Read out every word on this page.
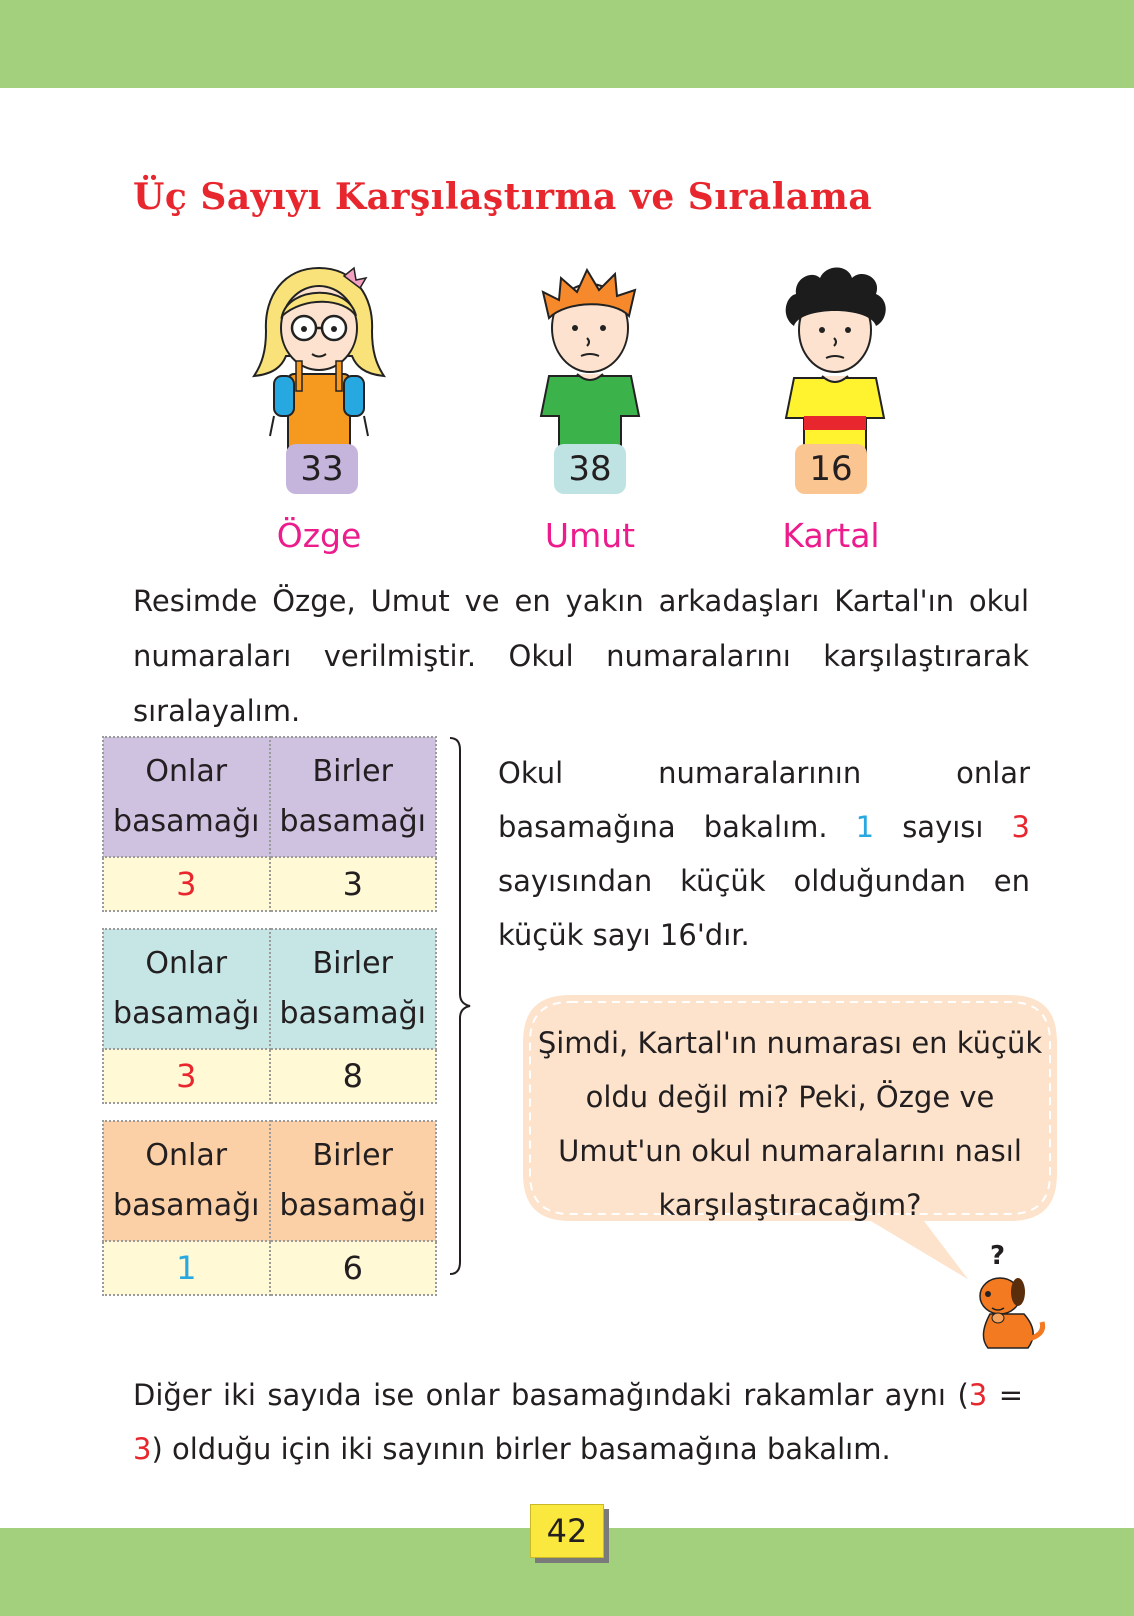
Üç Sayıyı Karşılaştırma ve Sıralama
33
Özge
38
Umut
16
Kartal

Resimde Özge, Umut ve en yakın arkadaşları Kartal'ın okul numaraları verilmiştir. Okul numaralarını karşılaştırarak sıralayalım.

Onlar basamağı	Birler basamağı
3	3
Onlar basamağı	Birler basamağı
3	8
Onlar basamağı	Birler basamağı
1	6

Okul numaralarının onlar basamağına bakalım. 1 sayısı 3 sayısından küçük olduğundan en küçük sayı 16'dır.

Şimdi, Kartal'ın numarası en küçük oldu değil mi? Peki, Özge ve Umut'un okul numaralarını nasıl karşılaştıracağım?

?

Diğer iki sayıda ise onlar basamağındaki rakamlar aynı (3 = 3) olduğu için iki sayının birler basamağına bakalım.

42
